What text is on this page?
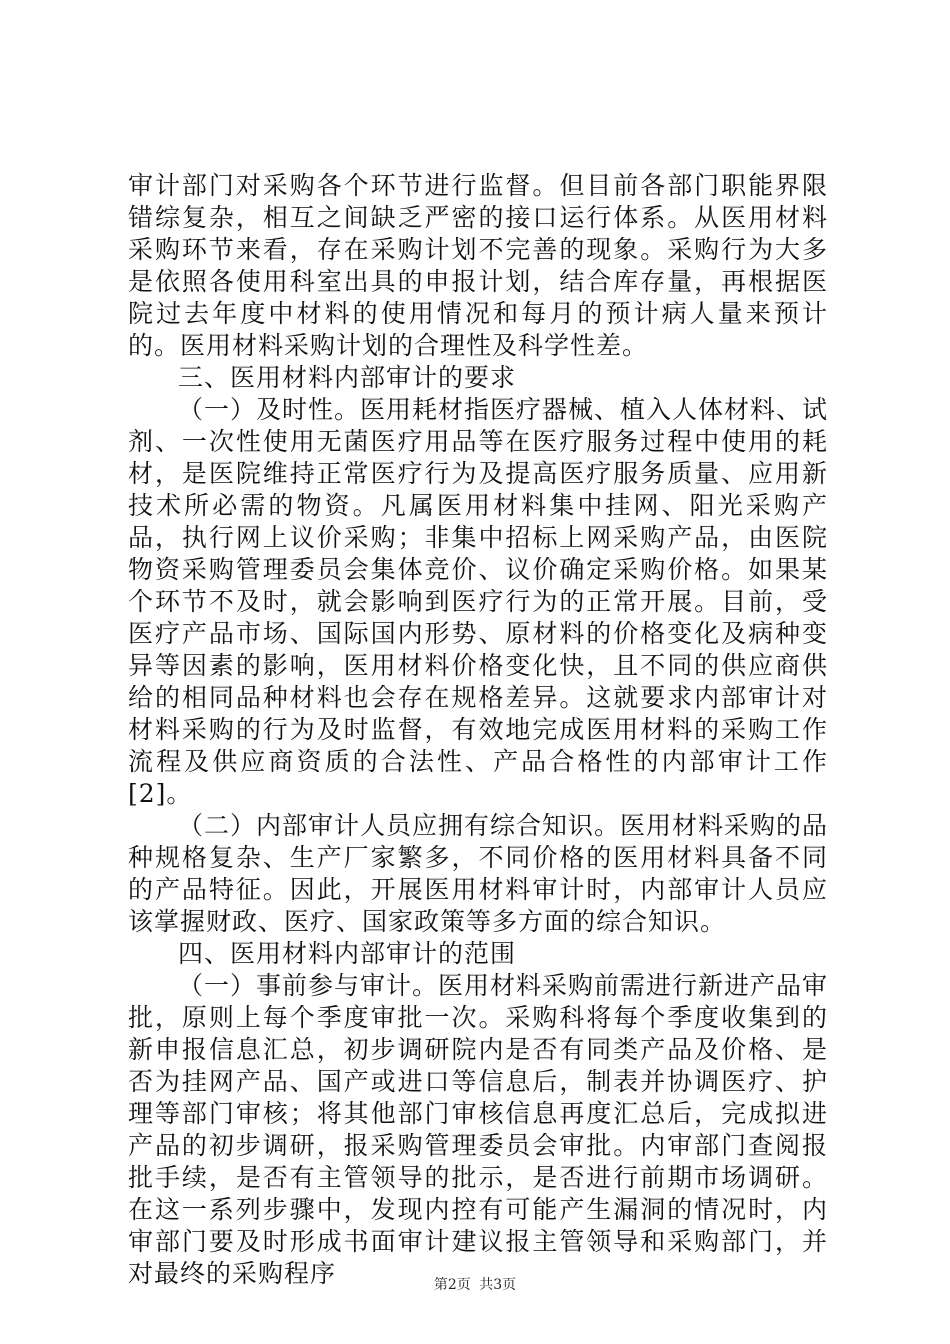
审计部门对采购各个环节进行监督。但目前各部门职能界限错综复杂，相互之间缺乏严密的接口运行体系。从医用材料采购环节来看，存在采购计划不完善的现象。采购行为大多是依照各使用科室出具的申报计划，结合库存量，再根据医院过去年度中材料的使用情况和每月的预计病人量来预计的。医用材料采购计划的合理性及科学性差。

三、医用材料内部审计的要求

（一）及时性。医用耗材指医疗器械、植入人体材料、试剂、一次性使用无菌医疗用品等在医疗服务过程中使用的耗材，是医院维持正常医疗行为及提高医疗服务质量、应用新技术所必需的物资。凡属医用材料集中挂网、阳光采购产品，执行网上议价采购；非集中招标上网采购产品，由医院物资采购管理委员会集体竞价、议价确定采购价格。如果某个环节不及时，就会影响到医疗行为的正常开展。目前，受医疗产品市场、国际国内形势、原材料的价格变化及病种变异等因素的影响，医用材料价格变化快，且不同的供应商供给的相同品种材料也会存在规格差异。这就要求内部审计对材料采购的行为及时监督，有效地完成医用材料的采购工作流程及供应商资质的合法性、产品合格性的内部审计工作[2]。

（二）内部审计人员应拥有综合知识。医用材料采购的品种规格复杂、生产厂家繁多，不同价格的医用材料具备不同的产品特征。因此，开展医用材料审计时，内部审计人员应该掌握财政、医疗、国家政策等多方面的综合知识。

四、医用材料内部审计的范围

（一）事前参与审计。医用材料采购前需进行新进产品审批，原则上每个季度审批一次。采购科将每个季度收集到的新申报信息汇总，初步调研院内是否有同类产品及价格、是否为挂网产品、国产或进口等信息后，制表并协调医疗、护理等部门审核；将其他部门审核信息再度汇总后，完成拟进产品的初步调研，报采购管理委员会审批。内审部门查阅报批手续，是否有主管领导的批示，是否进行前期市场调研。在这一系列步骤中，发现内控有可能产生漏洞的情况时，内审部门要及时形成书面审计建议报主管领导和采购部门，并对最终的采购程序	第2页 共3页
